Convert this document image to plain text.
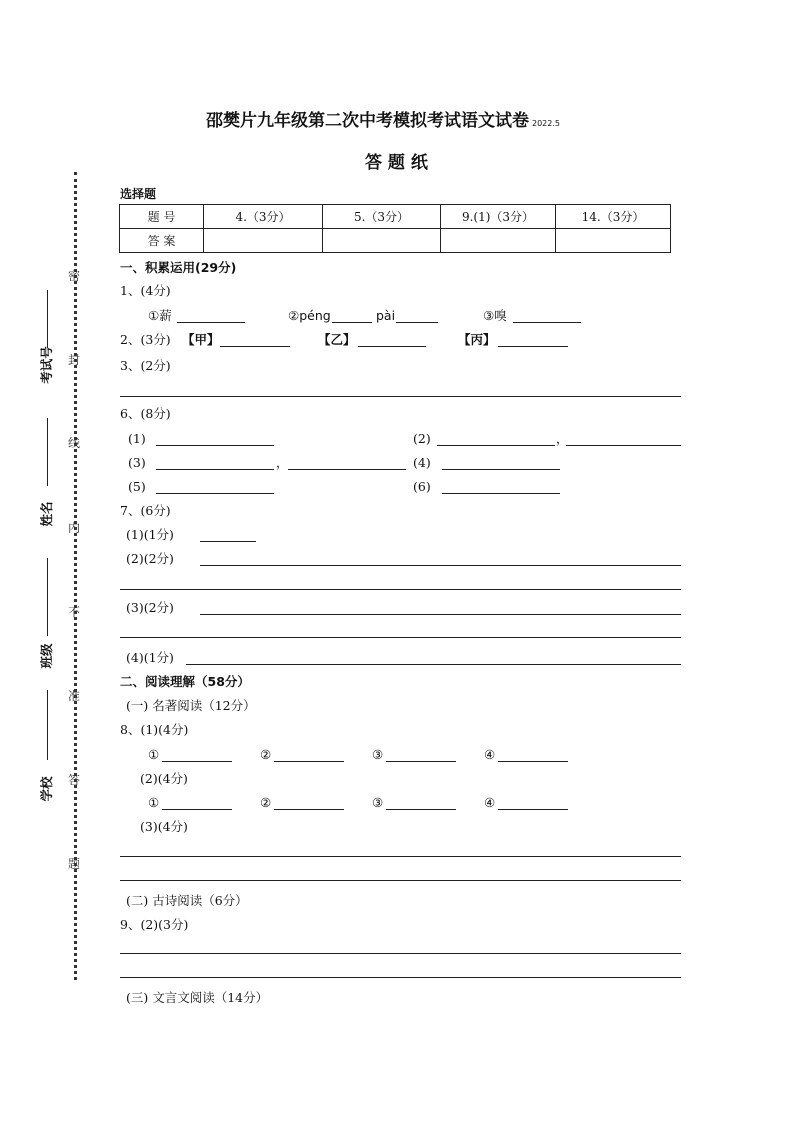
邵樊片九年级第二次中考模拟考试语文试卷 2022.5
答 题 纸
考试号
姓名
班级
学校
密
封
线
内
不
准
答
题
选择题
题 号	4.（3分）	5.（3分）	9.(1)（3分）	14.（3分）
答 案				
一、积累运用(29分)
1、(4分)
①薪	②péng	pài	③嗅
2、(3分) 【甲】	【乙】	【丙】
3、(2分)
6、(8分)
(1)	(2)	，
(3)	，	(4)
(5)	(6)
7、(6分)
(1)(1分)
(2)(2分)
(3)(2分)
(4)(1分)
二、阅读理解（58分）
(一) 名著阅读（12分）
8、(1)(4分)
①	②	③	④
(2)(4分)
①	②	③	④
(3)(4分)
(二) 古诗阅读（6分）
9、(2)(3分)
(三) 文言文阅读（14分）
